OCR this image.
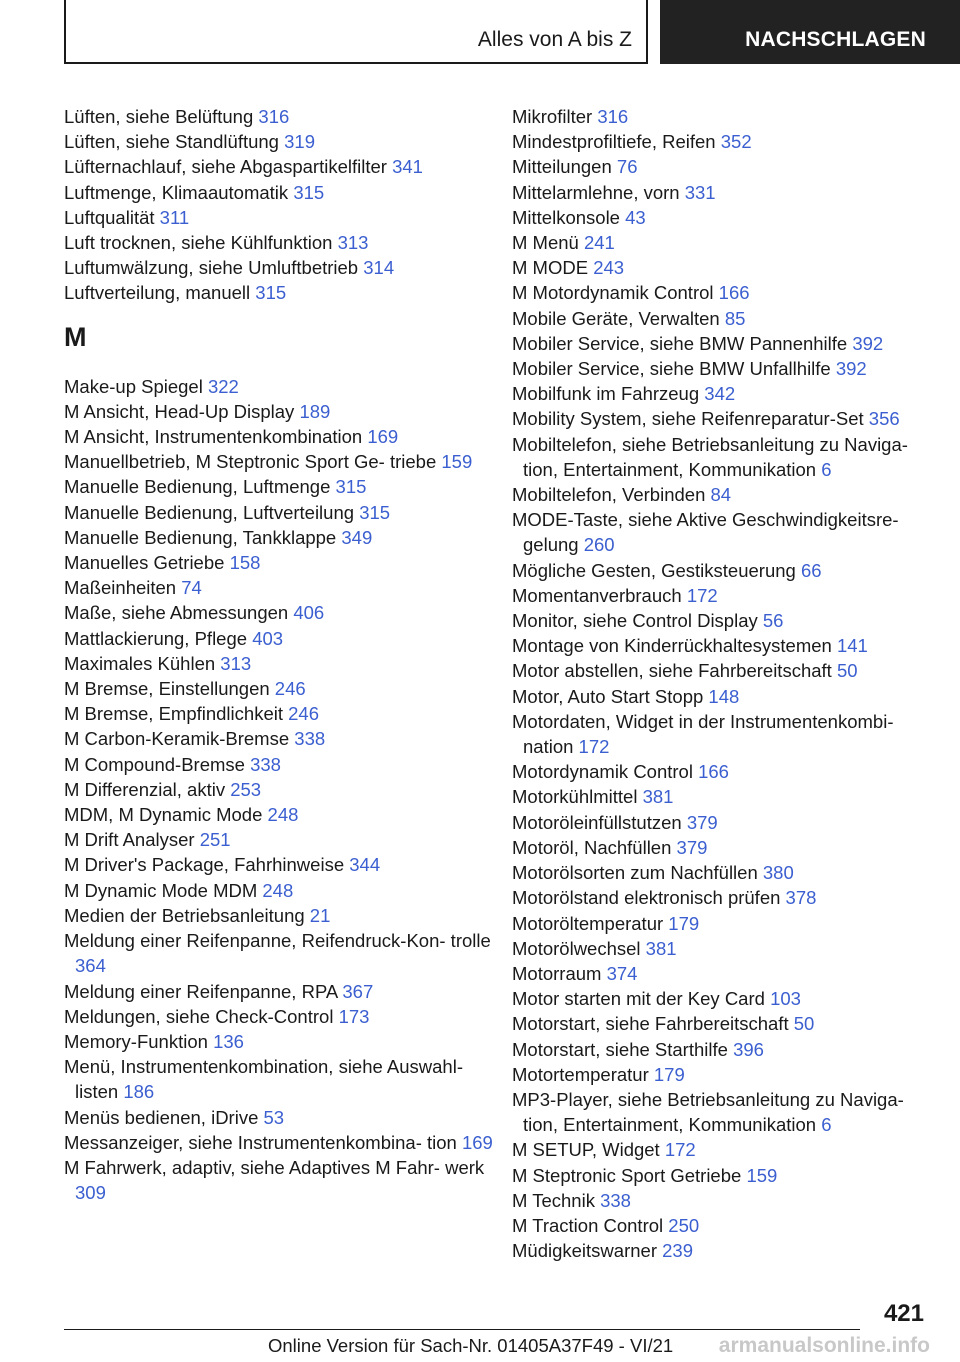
Alles von A bis Z	NACHSCHLAGEN

Lüften, siehe Belüftung 316

Lüften, siehe Standlüftung 319

Lüfternachlauf, siehe Abgaspartikelfilter 341

Luftmenge, Klimaautomatik 315

Luftqualität 311

Luft trocknen, siehe Kühlfunktion 313

Luftumwälzung, siehe Umluftbetrieb 314

Luftverteilung, manuell 315

M

Make-up Spiegel 322

M Ansicht, Head-Up Display 189

M Ansicht, Instrumentenkombination 169

Manuellbetrieb, M Steptronic Sport Ge‐ triebe 159

Manuelle Bedienung, Luftmenge 315

Manuelle Bedienung, Luftverteilung 315

Manuelle Bedienung, Tankklappe 349

Manuelles Getriebe 158

Maßeinheiten 74

Maße, siehe Abmessungen 406

Mattlackierung, Pflege 403

Maximales Kühlen 313

M Bremse, Einstellungen 246

M Bremse, Empfindlichkeit 246

M Carbon-Keramik-Bremse 338

M Compound-Bremse 338

M Differenzial, aktiv 253

MDM, M Dynamic Mode 248

M Drift Analyser 251

M Driver's Package, Fahrhinweise 344

M Dynamic Mode MDM 248

Medien der Betriebsanleitung 21

Meldung einer Reifenpanne, Reifendruck-Kon‐ trolle 364

Meldung einer Reifenpanne, RPA 367

Meldungen, siehe Check-Control 173

Memory-Funktion 136

Menü, Instrumentenkombination, siehe Auswahl‐ listen 186

Menüs bedienen, iDrive 53

Messanzeiger, siehe Instrumentenkombina‐ tion 169

M Fahrwerk, adaptiv, siehe Adaptives M Fahr‐ werk 309

Mikrofilter 316

Mindestprofiltiefe, Reifen 352

Mitteilungen 76

Mittelarmlehne, vorn 331

Mittelkonsole 43

M Menü 241

M MODE 243

M Motordynamik Control 166

Mobile Geräte, Verwalten 85

Mobiler Service, siehe BMW Pannenhilfe 392

Mobiler Service, siehe BMW Unfallhilfe 392

Mobilfunk im Fahrzeug 342

Mobility System, siehe Reifenreparatur-Set 356

Mobiltelefon, siehe Betriebsanleitung zu Naviga‐ tion, Entertainment, Kommunikation 6

Mobiltelefon, Verbinden 84

MODE-Taste, siehe Aktive Geschwindigkeitsre‐ gelung 260

Mögliche Gesten, Gestiksteuerung 66

Momentanverbrauch 172

Monitor, siehe Control Display 56

Montage von Kinderrückhaltesystemen 141

Motor abstellen, siehe Fahrbereitschaft 50

Motor, Auto Start Stopp 148

Motordaten, Widget in der Instrumentenkombi‐ nation 172

Motordynamik Control 166

Motorkühlmittel 381

Motoröleinfüllstutzen 379

Motoröl, Nachfüllen 379

Motorölsorten zum Nachfüllen 380

Motorölstand elektronisch prüfen 378

Motoröltemperatur 179

Motorölwechsel 381

Motorraum 374

Motor starten mit der Key Card 103

Motorstart, siehe Fahrbereitschaft 50

Motorstart, siehe Starthilfe 396

Motortemperatur 179

MP3-Player, siehe Betriebsanleitung zu Naviga‐ tion, Entertainment, Kommunikation 6

M SETUP, Widget 172

M Steptronic Sport Getriebe 159

M Technik 338

M Traction Control 250

Müdigkeitswarner 239

421
Online Version für Sach-Nr. 01405A37F49 - VI/21 armanualsonline.info
